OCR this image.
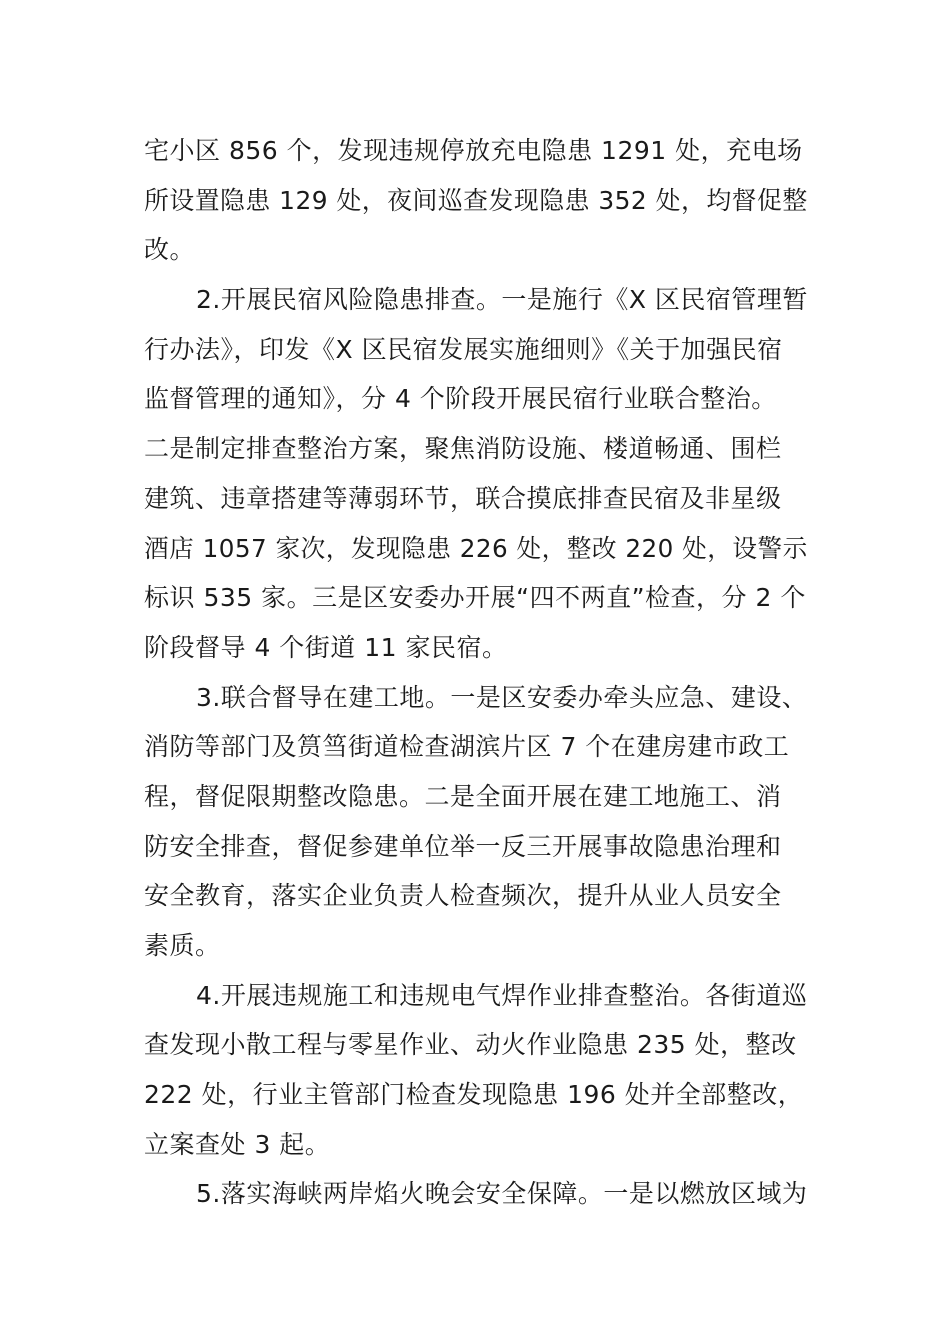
宅小区 856 个，发现违规停放充电隐患 1291 处，充电场
所设置隐患 129 处，夜间巡查发现隐患 352 处，均督促整
改。
2.开展民宿风险隐患排查。一是施行《X 区民宿管理暂
行办法》，印发《X 区民宿发展实施细则》《关于加强民宿
监督管理的通知》，分 4 个阶段开展民宿行业联合整治。
二是制定排查整治方案，聚焦消防设施、楼道畅通、围栏
建筑、违章搭建等薄弱环节，联合摸底排查民宿及非星级
酒店 1057 家次，发现隐患 226 处，整改 220 处，设警示
标识 535 家。三是区安委办开展“四不两直”检查，分 2 个
阶段督导 4 个街道 11 家民宿。
3.联合督导在建工地。一是区安委办牵头应急、建设、
消防等部门及筼筜街道检查湖滨片区 7 个在建房建市政工
程，督促限期整改隐患。二是全面开展在建工地施工、消
防安全排查，督促参建单位举一反三开展事故隐患治理和
安全教育，落实企业负责人检查频次，提升从业人员安全
素质。
4.开展违规施工和违规电气焊作业排查整治。各街道巡
查发现小散工程与零星作业、动火作业隐患 235 处，整改
222 处，行业主管部门检查发现隐患 196 处并全部整改，
立案查处 3 起。
5.落实海峡两岸焰火晚会安全保障。一是以燃放区域为
